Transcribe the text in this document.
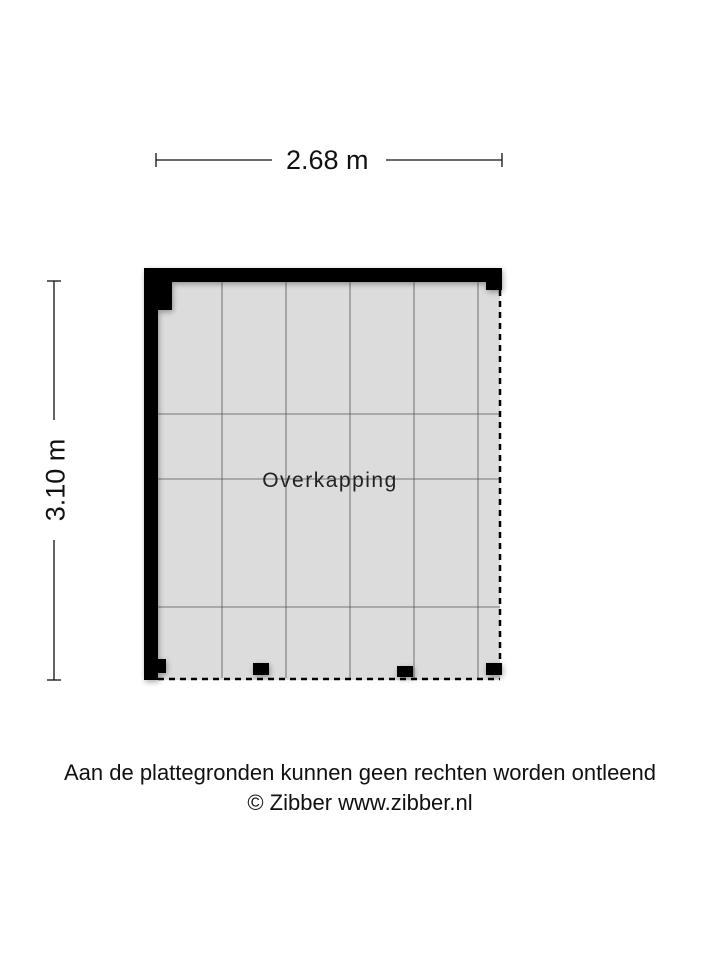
2.68 m
3.10 m	Overkapping
Aan de plattegronden kunnen geen rechten worden ontleend
© Zibber www.zibber.nl
